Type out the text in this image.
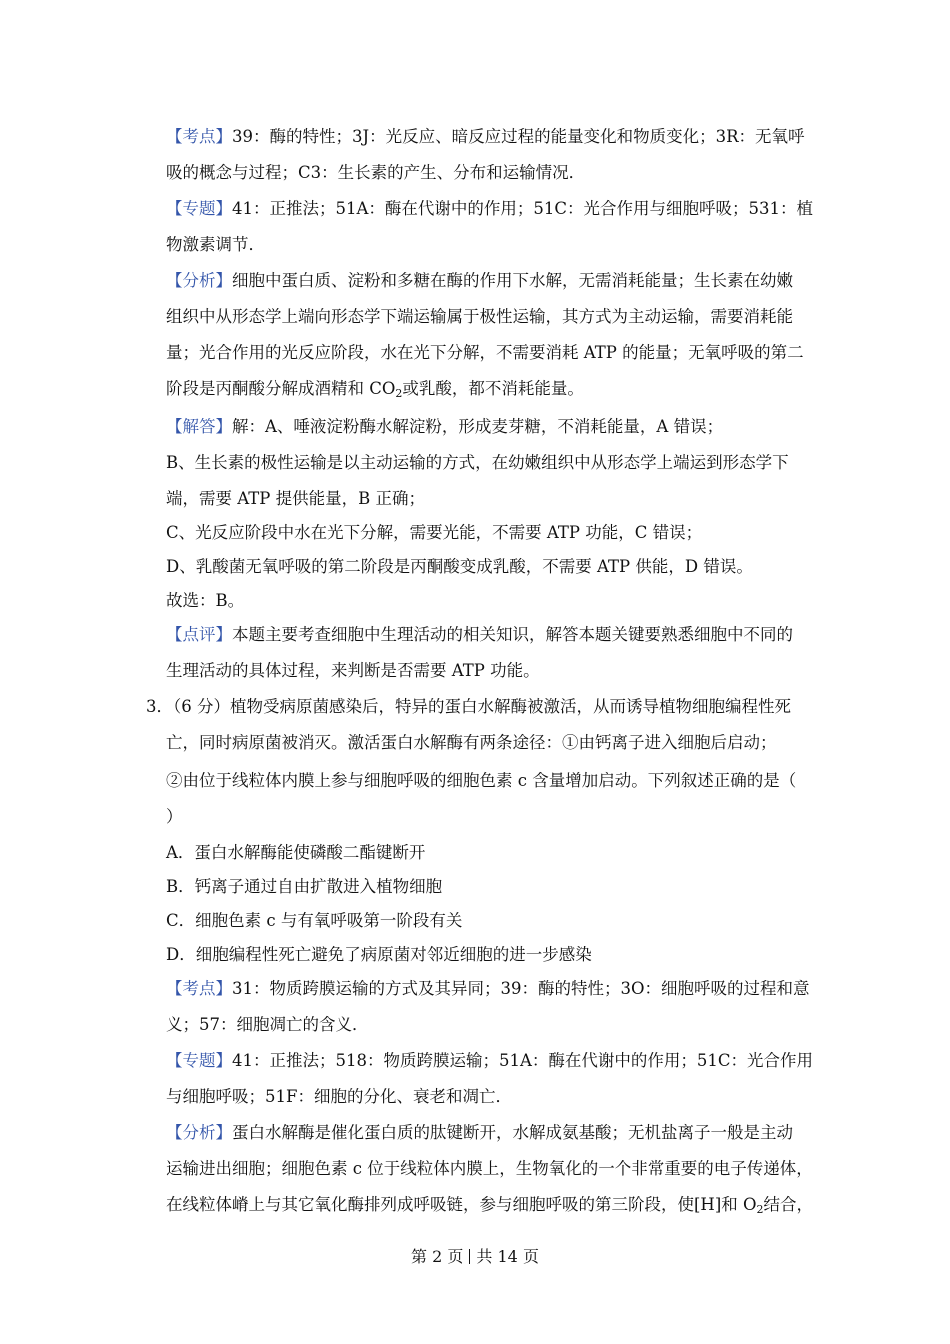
【考点】39：酶的特性；3J：光反应、暗反应过程的能量变化和物质变化；3R：无氧呼
吸的概念与过程；C3：生长素的产生、分布和运输情况．
【专题】41：正推法；51A：酶在代谢中的作用；51C：光合作用与细胞呼吸；531：植
物激素调节．
【分析】细胞中蛋白质、淀粉和多糖在酶的作用下水解，无需消耗能量；生长素在幼嫩
组织中从形态学上端向形态学下端运输属于极性运输，其方式为主动运输，需要消耗能
量；光合作用的光反应阶段，水在光下分解，不需要消耗 ATP 的能量；无氧呼吸的第二
阶段是丙酮酸分解成酒精和 $CO_2$或乳酸，都不消耗能量。
【解答】解：A、唾液淀粉酶水解淀粉，形成麦芽糖，不消耗能量，A 错误；
B、生长素的极性运输是以主动运输的方式，在幼嫩组织中从形态学上端运到形态学下
端，需要 ATP 提供能量，B 正确；
C、光反应阶段中水在光下分解，需要光能，不需要 ATP 功能，C 错误；
D、乳酸菌无氧呼吸的第二阶段是丙酮酸变成乳酸，不需要 ATP 供能，D 错误。
故选：B。
【点评】本题主要考查细胞中生理活动的相关知识，解答本题关键要熟悉细胞中不同的
生理活动的具体过程，来判断是否需要 ATP 功能。
3．（6 分）植物受病原菌感染后，特异的蛋白水解酶被激活，从而诱导植物细胞编程性死
亡，同时病原菌被消灭。激活蛋白水解酶有两条途径：①由钙离子进入细胞后启动；
②由位于线粒体内膜上参与细胞呼吸的细胞色素 c 含量增加启动。下列叙述正确的是（
）
A．蛋白水解酶能使磷酸二酯键断开
B．钙离子通过自由扩散进入植物细胞
C．细胞色素 c 与有氧呼吸第一阶段有关
D．细胞编程性死亡避免了病原菌对邻近细胞的进一步感染
【考点】31：物质跨膜运输的方式及其异同；39：酶的特性；3O：细胞呼吸的过程和意
义；57：细胞凋亡的含义．
【专题】41：正推法；518：物质跨膜运输；51A：酶在代谢中的作用；51C：光合作用
与细胞呼吸；51F：细胞的分化、衰老和凋亡．
【分析】蛋白水解酶是催化蛋白质的肽键断开，水解成氨基酸；无机盐离子一般是主动
运输进出细胞；细胞色素 c 位于线粒体内膜上，生物氧化的一个非常重要的电子传递体，
在线粒体嵴上与其它氧化酶排列成呼吸链，参与细胞呼吸的第三阶段，使[H]和 $O_2$结合，
第 2 页 共 14 页
